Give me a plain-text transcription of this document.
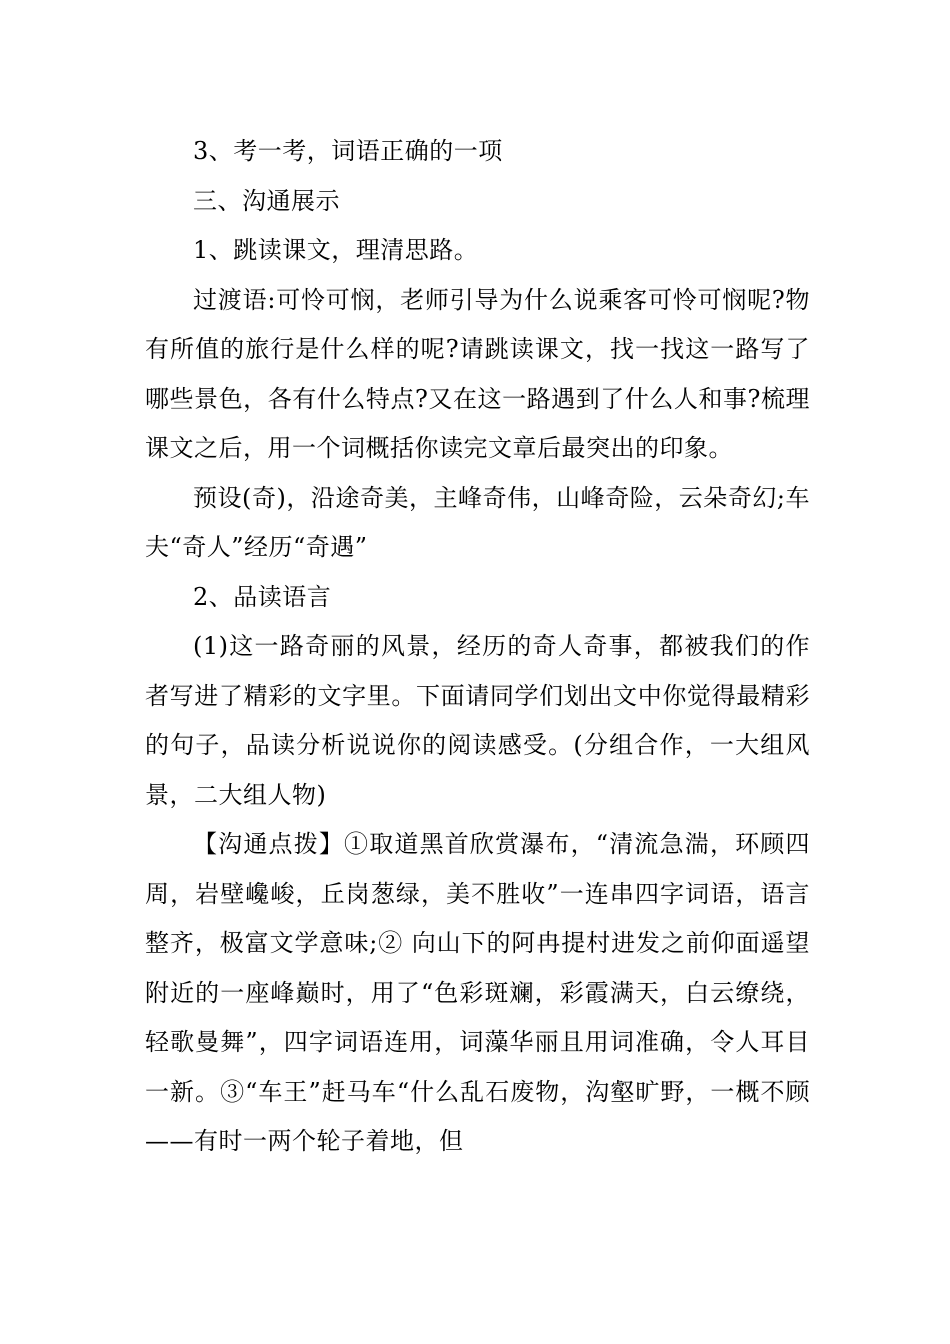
3、考一考，词语正确的一项

三、沟通展示

1、跳读课文，理清思路。

过渡语:可怜可悯，老师引导为什么说乘客可怜可悯呢?物有所值的旅行是什么样的呢?请跳读课文，找一找这一路写了哪些景色，各有什么特点?又在这一路遇到了什么人和事?梳理课文之后，用一个词概括你读完文章后最突出的印象。

预设(奇)，沿途奇美，主峰奇伟，山峰奇险，云朵奇幻;车夫“奇人”经历“奇遇”

2、品读语言

(1)这一路奇丽的风景，经历的奇人奇事，都被我们的作者写进了精彩的文字里。下面请同学们划出文中你觉得最精彩的句子，品读分析说说你的阅读感受。(分组合作，一大组风景，二大组人物)

【沟通点拨】①取道黑首欣赏瀑布，“清流急湍，环顾四周，岩壁巉峻，丘岗葱绿，美不胜收”一连串四字词语，语言整齐，极富文学意味;② 向山下的阿冉提村进发之前仰面遥望附近的一座峰巅时，用了“色彩斑斓，彩霞满天，白云缭绕，轻歌曼舞”，四字词语连用，词藻华丽且用词准确，令人耳目一新。③“车王”赶马车“什么乱石废物，沟壑旷野，一概不顾——有时一两个轮子着地，但
